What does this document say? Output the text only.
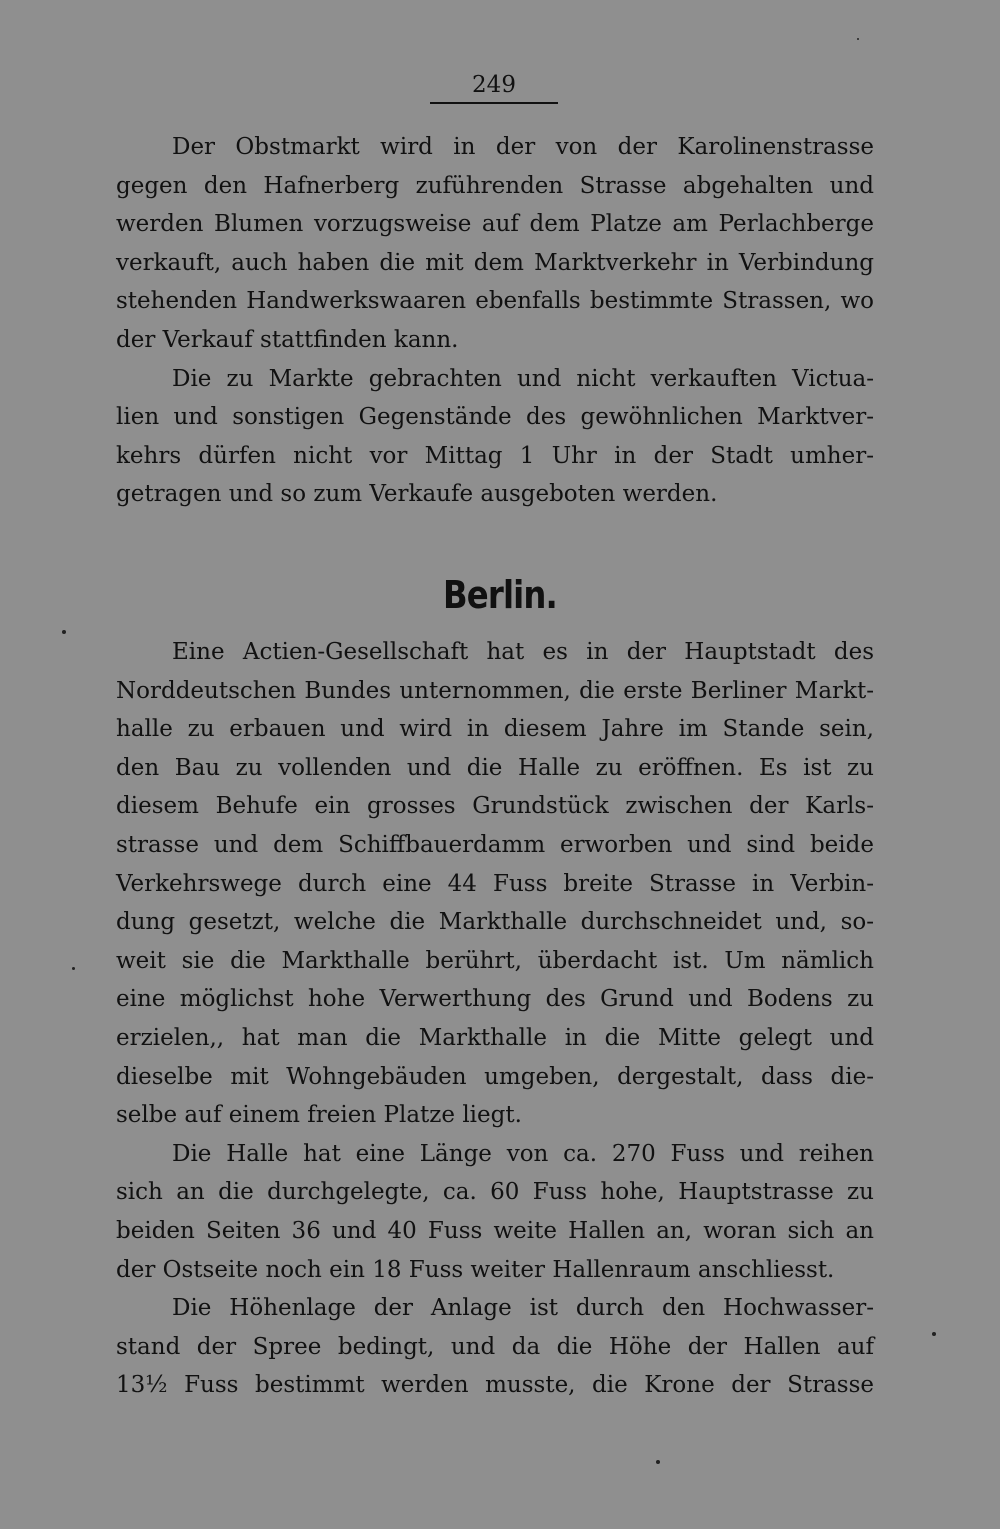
249
Der Obstmarkt wird in der von der Karolinenstrasse
gegen den Hafnerberg zuführenden Strasse abgehalten und
werden Blumen vorzugsweise auf dem Platze am Perlachberge
verkauft, auch haben die mit dem Marktverkehr in Verbindung
stehenden Handwerkswaaren ebenfalls bestimmte Strassen, wo
der Verkauf stattfinden kann.
Die zu Markte gebrachten und nicht verkauften Victua-
lien und sonstigen Gegenstände des gewöhnlichen Marktver-
kehrs dürfen nicht vor Mittag 1 Uhr in der Stadt umher-
getragen und so zum Verkaufe ausgeboten werden.
Berlin.
Eine Actien-Gesellschaft hat es in der Hauptstadt des
Norddeutschen Bundes unternommen, die erste Berliner Markt-
halle zu erbauen und wird in diesem Jahre im Stande sein,
den Bau zu vollenden und die Halle zu eröffnen. Es ist zu
diesem Behufe ein grosses Grundstück zwischen der Karls-
strasse und dem Schiffbauerdamm erworben und sind beide
Verkehrswege durch eine 44 Fuss breite Strasse in Verbin-
dung gesetzt, welche die Markthalle durchschneidet und, so-
weit sie die Markthalle berührt, überdacht ist. Um nämlich
eine möglichst hohe Verwerthung des Grund und Bodens zu
erzielen,, hat man die Markthalle in die Mitte gelegt und
dieselbe mit Wohngebäuden umgeben, dergestalt, dass die-
selbe auf einem freien Platze liegt.
Die Halle hat eine Länge von ca. 270 Fuss und reihen
sich an die durchgelegte, ca. 60 Fuss hohe, Hauptstrasse zu
beiden Seiten 36 und 40 Fuss weite Hallen an, woran sich an
der Ostseite noch ein 18 Fuss weiter Hallenraum anschliesst.
Die Höhenlage der Anlage ist durch den Hochwasser-
stand der Spree bedingt, und da die Höhe der Hallen auf
13½ Fuss bestimmt werden musste, die Krone der Strasse
